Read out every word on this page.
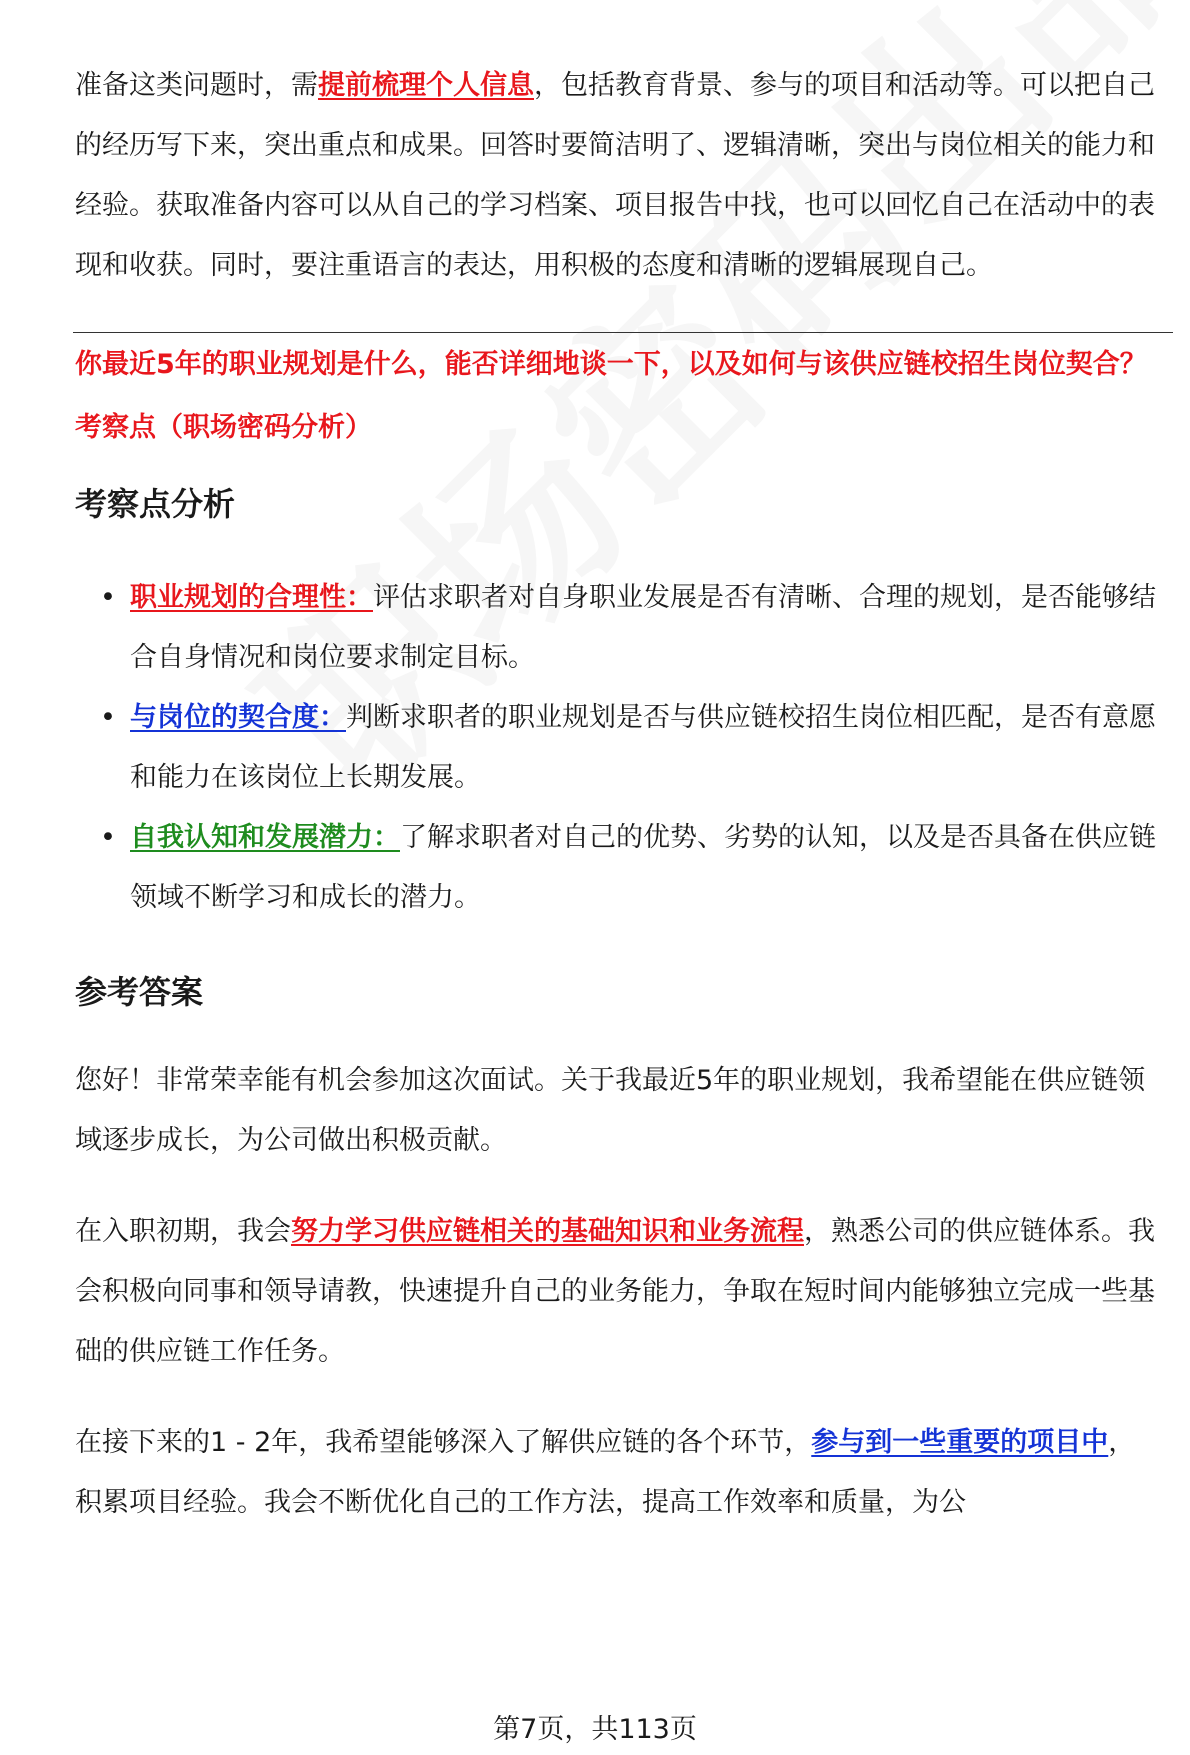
准备这类问题时，需提前梳理个人信息，包括教育背景、参与的项目和活动等。可以把自己的经历写下来，突出重点和成果。回答时要简洁明了、逻辑清晰，突出与岗位相关的能力和经验。获取准备内容可以从自己的学习档案、项目报告中找，也可以回忆自己在活动中的表现和收获。同时，要注重语言的表达，用积极的态度和清晰的逻辑展现自己。

你最近5年的职业规划是什么，能否详细地谈一下，以及如何与该供应链校招生岗位契合？
考察点（职场密码分析）
考察点分析
• 职业规划的合理性：评估求职者对自身职业发展是否有清晰、合理的规划，是否能够结合自身情况和岗位要求制定目标。
• 与岗位的契合度：判断求职者的职业规划是否与供应链校招生岗位相匹配，是否有意愿和能力在该岗位上长期发展。
• 自我认知和发展潜力：了解求职者对自己的优势、劣势的认知，以及是否具备在供应链领域不断学习和成长的潜力。
参考答案

您好！非常荣幸能有机会参加这次面试。关于我最近5年的职业规划，我希望能在供应链领域逐步成长，为公司做出积极贡献。

在入职初期，我会努力学习供应链相关的基础知识和业务流程，熟悉公司的供应链体系。我会积极向同事和领导请教，快速提升自己的业务能力，争取在短时间内能够独立完成一些基础的供应链工作任务。

在接下来的1 - 2年，我希望能够深入了解供应链的各个环节，参与到一些重要的项目中，积累项目经验。我会不断优化自己的工作方法，提高工作效率和质量，为公

第7页，共113页
